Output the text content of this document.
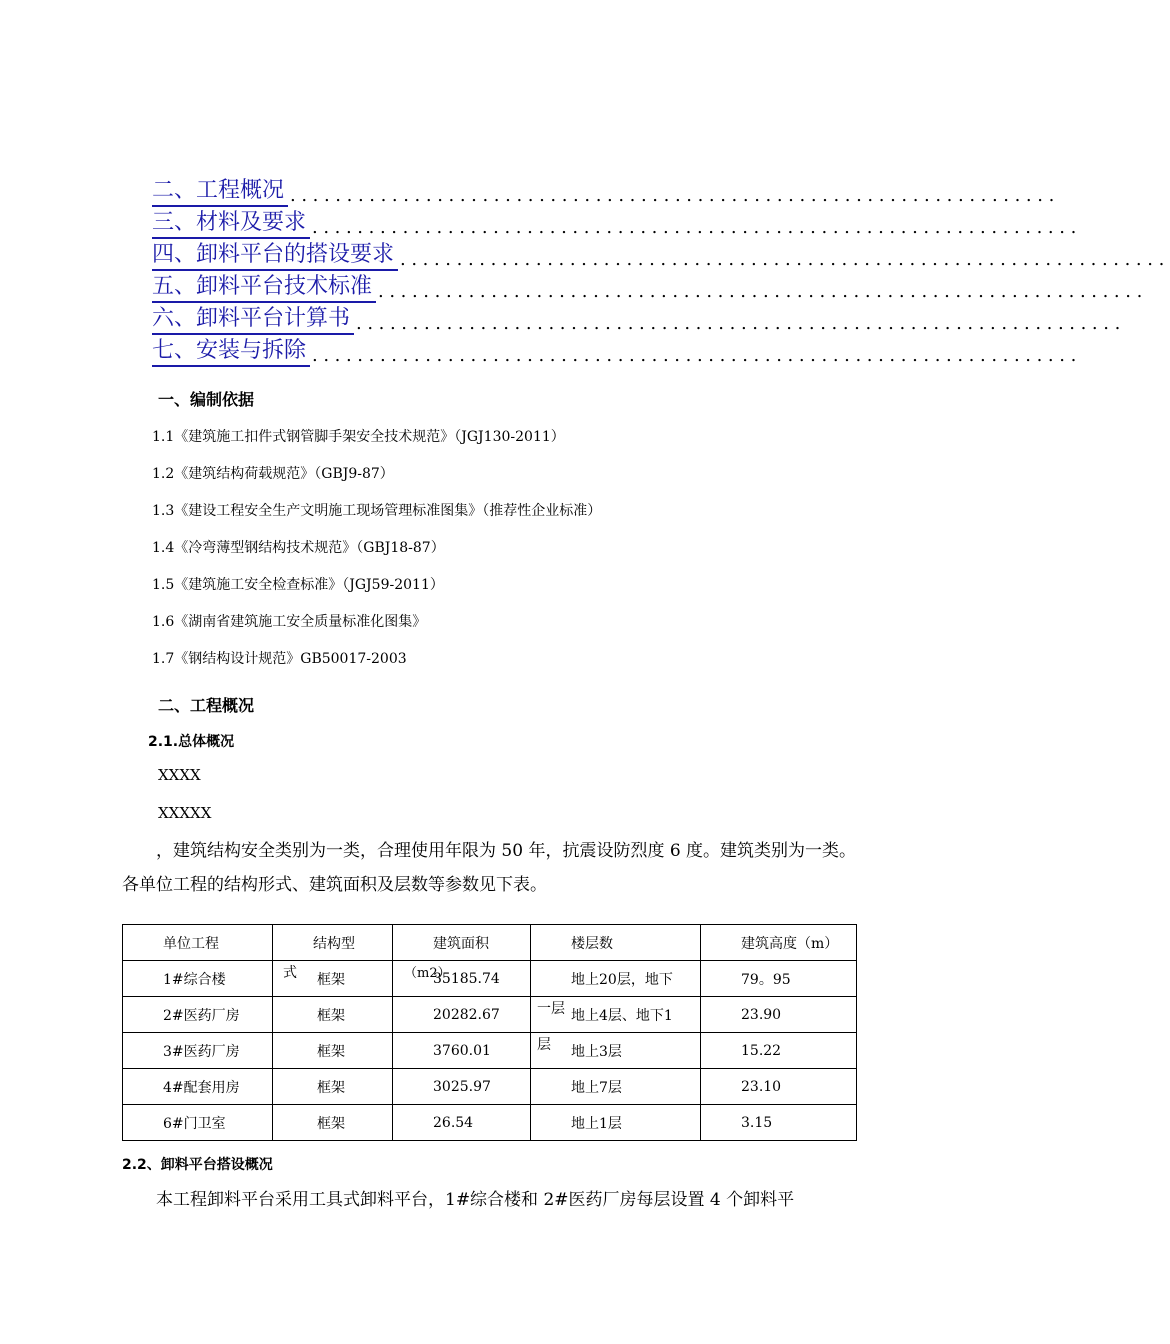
二、工程概况 ....................................................................
三、材料及要求 ....................................................................
四、卸料平台的搭设要求 ....................................................................
五、卸料平台技术标准 ....................................................................
六、卸料平台计算书 ....................................................................
七、安装与拆除 ....................................................................
一、编制依据
1.1《建筑施工扣件式钢管脚手架安全技术规范》（JGJ130-2011）
1.2《建筑结构荷载规范》（GBJ9-87）
1.3《建设工程安全生产文明施工现场管理标准图集》（推荐性企业标准）
1.4《冷弯薄型钢结构技术规范》（GBJ18-87）
1.5《建筑施工安全检查标准》（JGJ59-2011）
1.6《湖南省建筑施工安全质量标准化图集》
1.7《钢结构设计规范》GB50017-2003
二、工程概况
2.1.总体概况
XXXX
XXXXX
，建筑结构安全类别为一类，合理使用年限为 50 年，抗震设防烈度 6 度。建筑类别为一类。各单位工程的结构形式、建筑面积及层数等参数见下表。
单位工程	结构型	建筑面积	楼层数	建筑高度（m）
1#综合楼	框架	35185.74	地上20层，地下	79。95
2#医药厂房	框架	20282.67	地上4层、地下1	23.90
3#医药厂房	框架	3760.01	地上3层	15.22
4#配套用房	框架	3025.97	地上7层	23.10
6#门卫室	框架	26.54	地上1层	3.15
式	（m2）
一层
层
2.2、卸料平台搭设概况
本工程卸料平台采用工具式卸料平台，1#综合楼和 2#医药厂房每层设置 4 个卸料平
